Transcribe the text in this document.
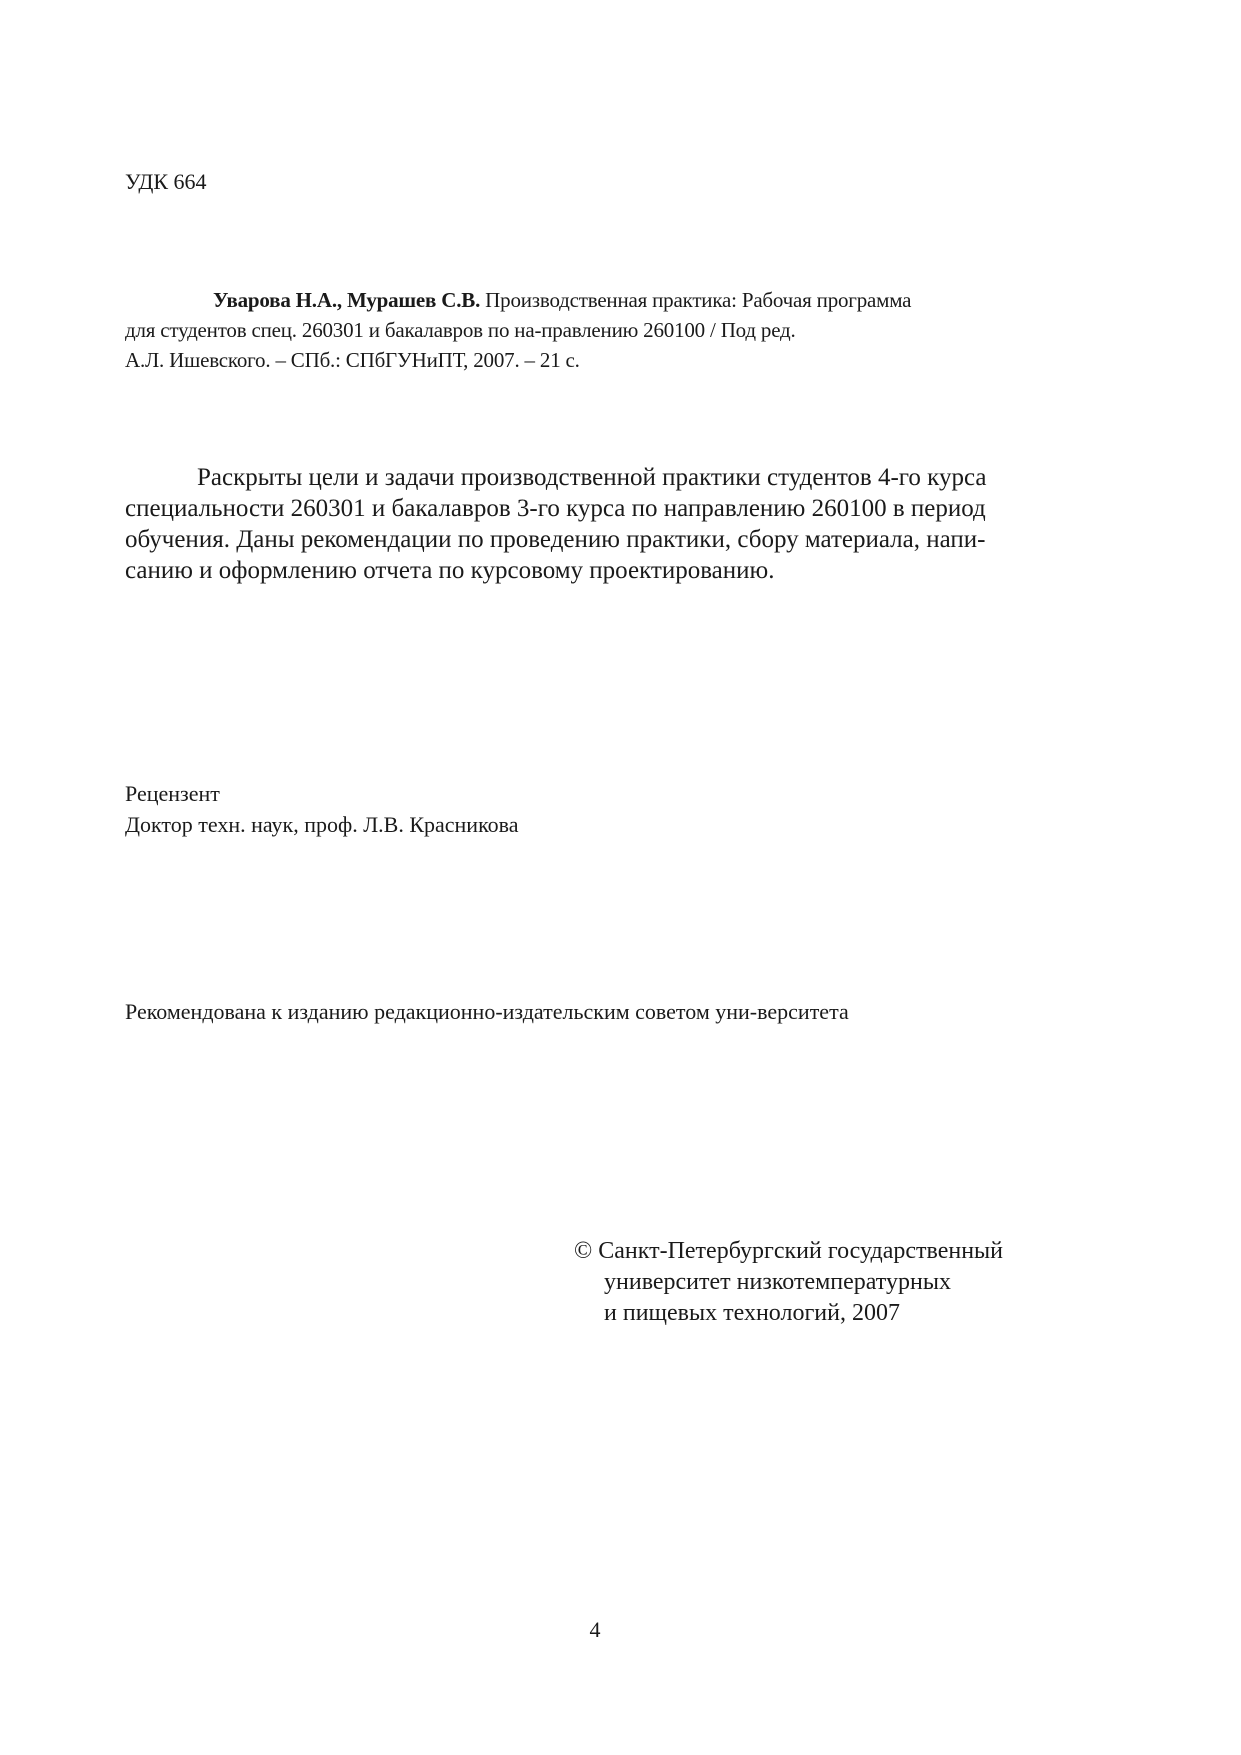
УДК 664
Уварова Н.А., Мурашев С.В. Производственная практика: Рабочая программа
для студентов спец. 260301 и бакалавров по на-правлению 260100 / Под ред.
А.Л. Ишевского. – СПб.: СПбГУНиПТ, 2007. – 21 с.
Раскрыты цели и задачи производственной практики студентов 4-го курса
специальности 260301 и бакалавров 3-го курса по направлению 260100 в период
обучения. Даны рекомендации по проведению практики, сбору материала, напи-
санию и оформлению отчета по курсовому проектированию.
Рецензент
Доктор техн. наук, проф. Л.В. Красникова
Рекомендована к изданию редакционно-издательским советом уни-верситета
© Санкт-Петербургский государственный
университет низкотемпературных
и пищевых технологий, 2007
4
